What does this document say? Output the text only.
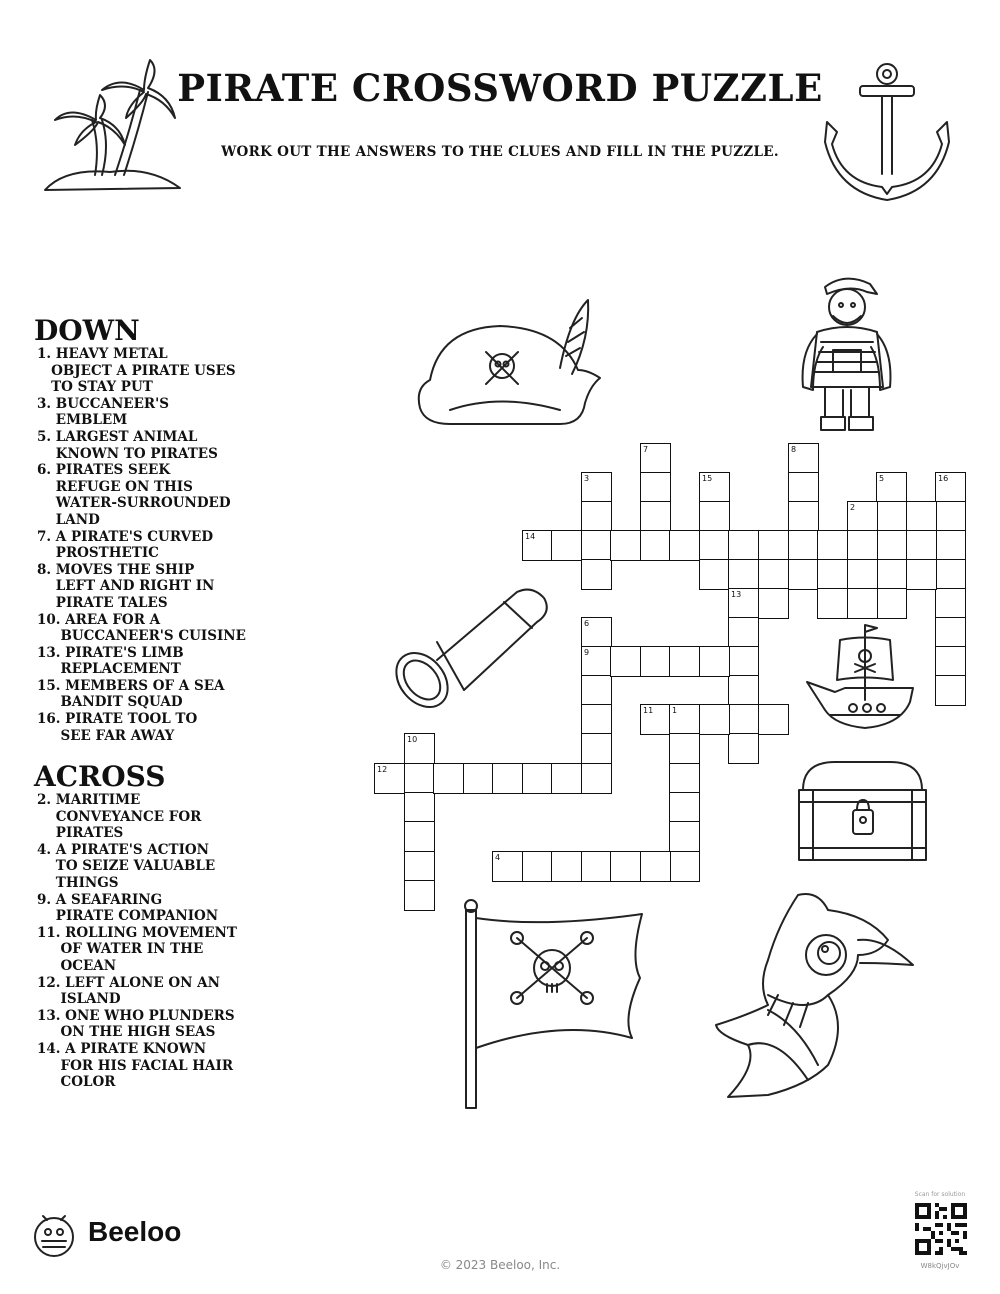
PIRATE CROSSWORD PUZZLE
WORK OUT THE ANSWERS TO THE CLUES AND FILL IN THE PUZZLE.
DOWN

1. HEAVY METAL
OBJECT A PIRATE USES
TO STAY PUT

3. BUCCANEER'S
EMBLEM

5. LARGEST ANIMAL
KNOWN TO PIRATES

6. PIRATES SEEK
REFUGE ON THIS
WATER-SURROUNDED
LAND

7. A PIRATE'S CURVED
PROSTHETIC

8. MOVES THE SHIP
LEFT AND RIGHT IN
PIRATE TALES

10. AREA FOR A
BUCCANEER'S CUISINE

13. PIRATE'S LIMB
REPLACEMENT

15. MEMBERS OF A SEA
BANDIT SQUAD

16. PIRATE TOOL TO
SEE FAR AWAY

ACROSS

2. MARITIME
CONVEYANCE FOR
PIRATES

4. A PIRATE'S ACTION
TO SEIZE VALUABLE
THINGS

9. A SEAFARING
PIRATE COMPANION

11. ROLLING MOVEMENT
OF WATER IN THE
OCEAN

12. LEFT ALONE ON AN
ISLAND

13. ONE WHO PLUNDERS
ON THE HIGH SEAS

14. A PIRATE KNOWN
FOR HIS FACIAL HAIR
COLOR

7	8
3	15	5	16
2
14
13
6
9
11 1
10
12
4
Beeloo
© 2023 Beeloo, Inc.
Scan for solution
W8kQjvJOv
